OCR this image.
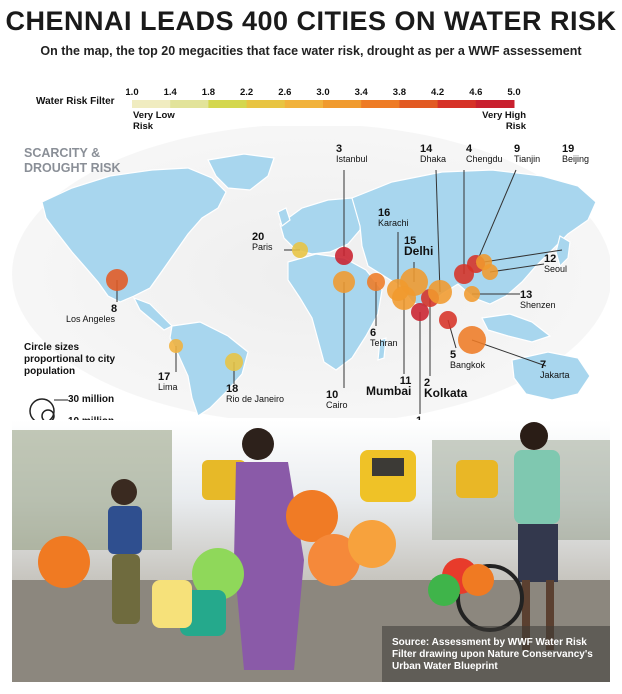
CHENNAI LEADS 400 CITIES ON WATER RISK
On the map, the top 20 megacities that face water risk, drought as per a WWF assessement
Water Risk Filter
1.0	1.4	1.8	2.2	2.6	3.0	3.4	3.8	4.2	4.6	5.0
Very Low Risk
Very High Risk
SCARCITY & DROUGHT RISK
3
Istanbul
14
Dhaka
4
Chengdu
9
Tianjin
19
Beijing
16
Karachi
15
Delhi
20
Paris
12
Seoul
13
Shenzen
8
Los Angeles
6
Tehran
5
Bangkok	7
Jakarta
17
Lima	18
Rio de Janeiro	10
Cairo
11
Mumbai
2
Kolkata
Circle sizes proportional to city population
30 million
Source: Assessment by WWF Water Risk Filter drawing upon Nature Conservancy's Urban Water Blueprint
